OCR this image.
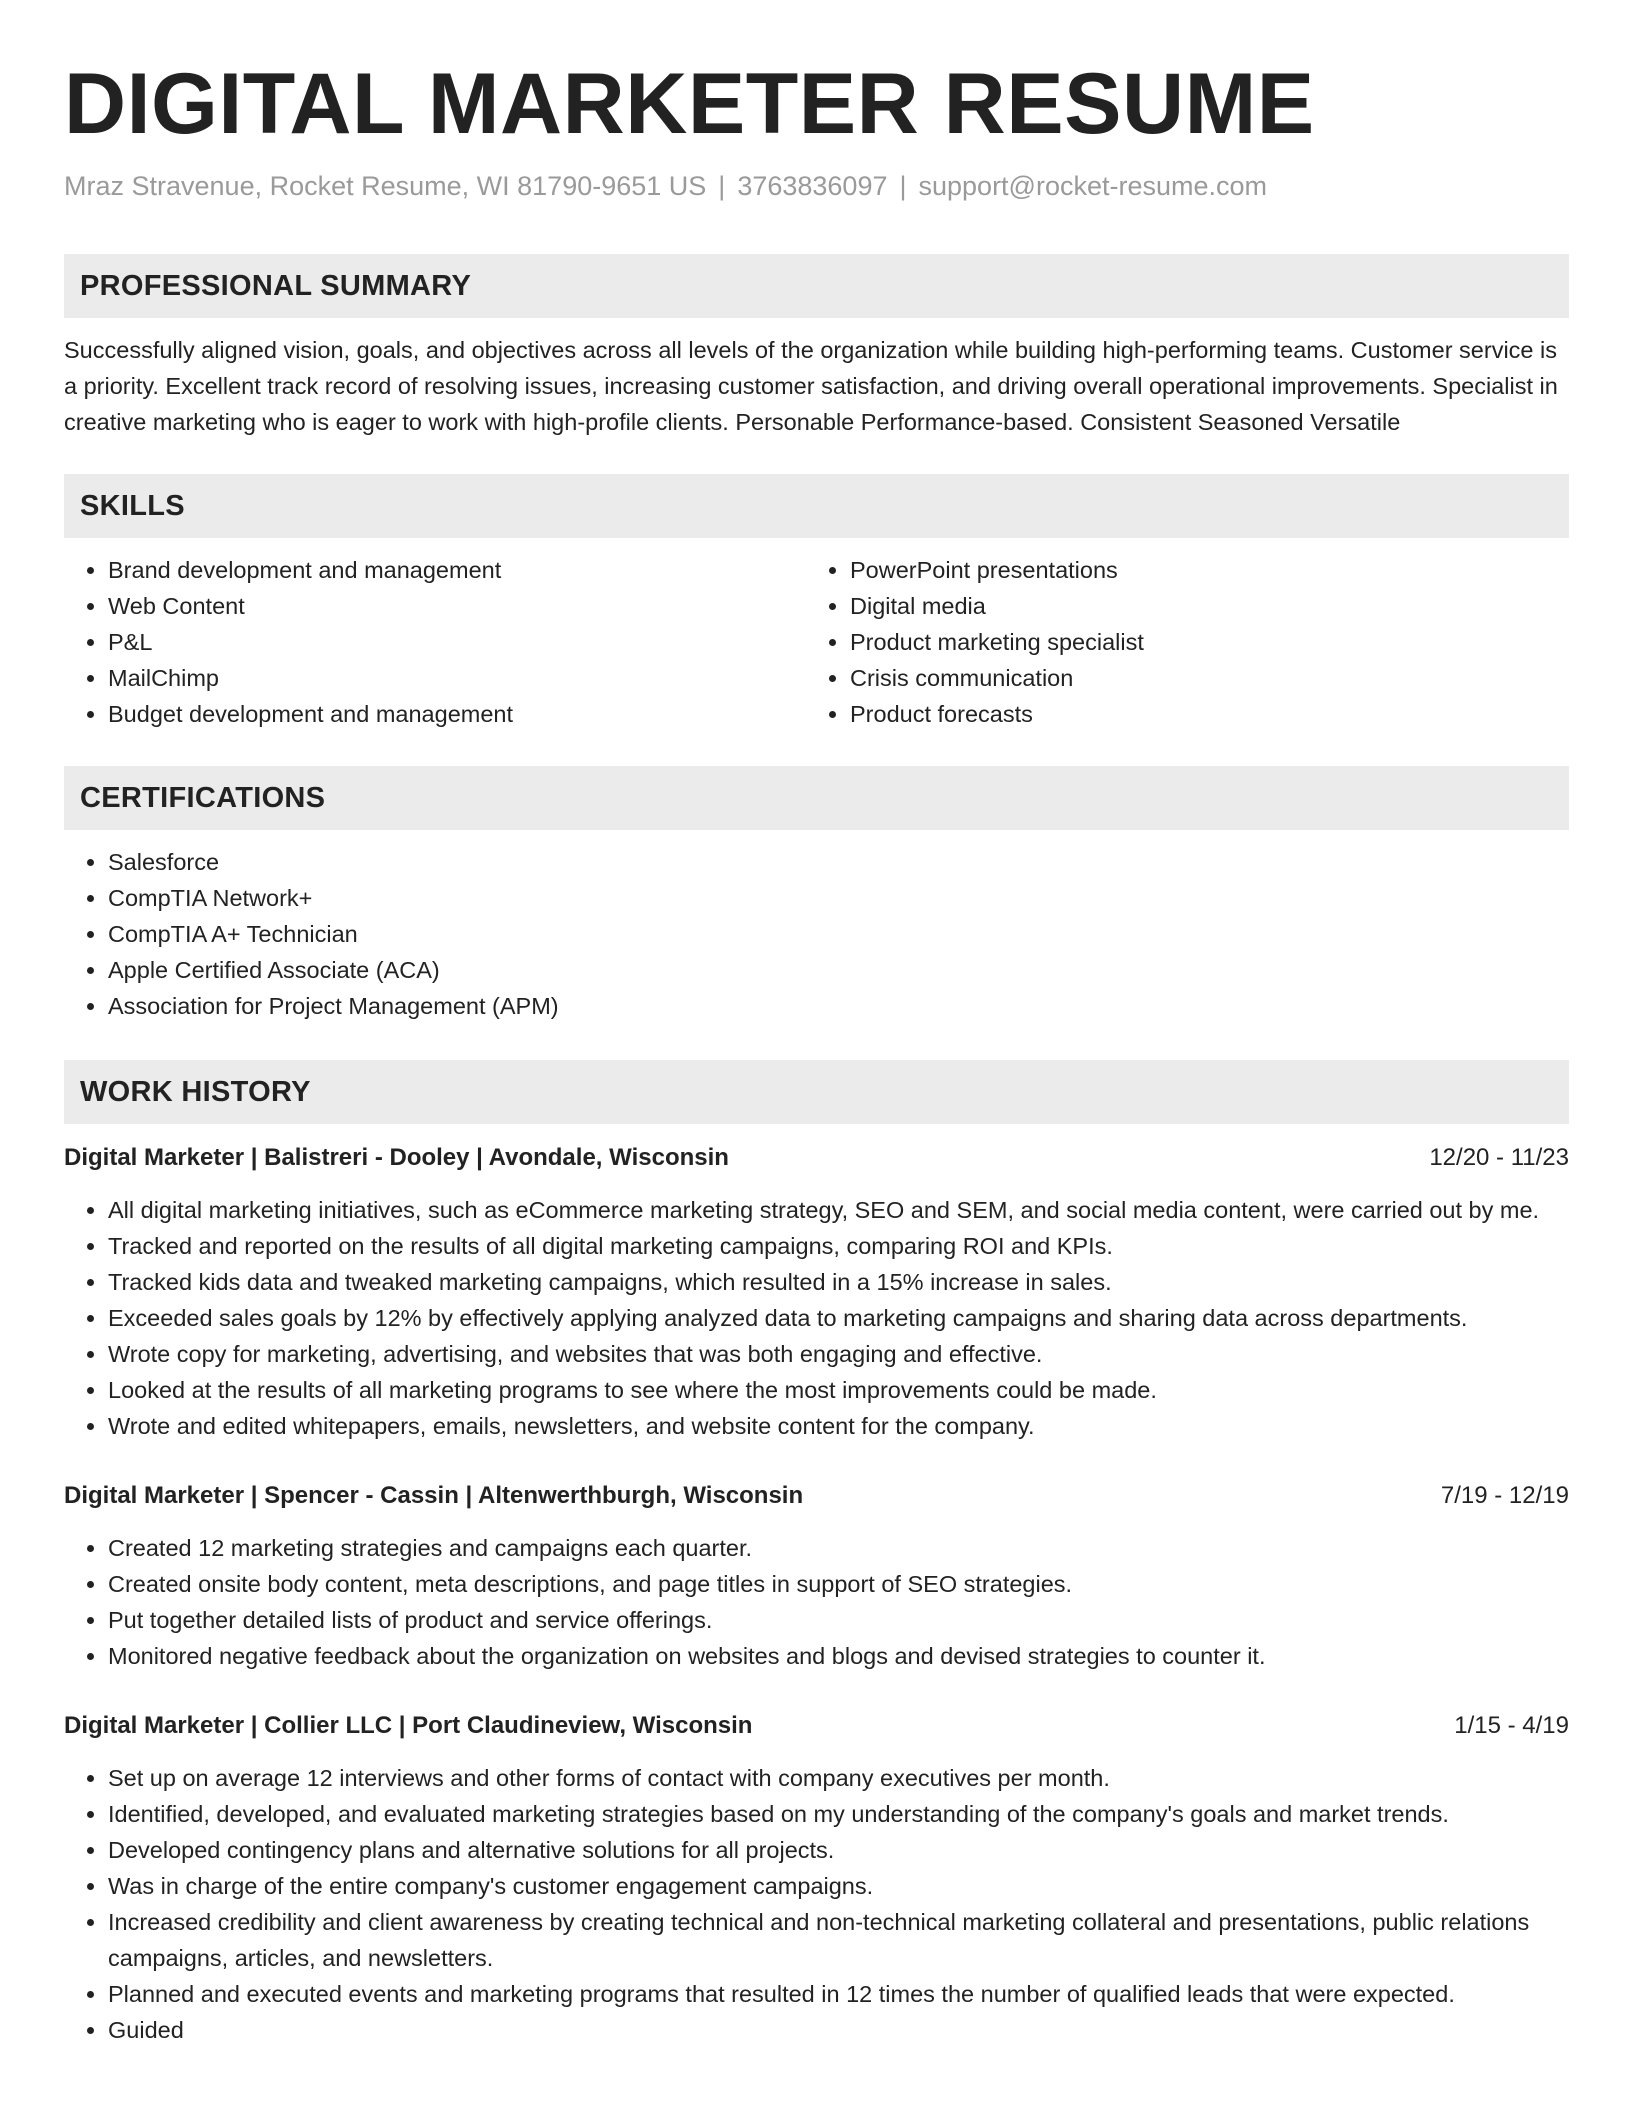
DIGITAL MARKETER RESUME
Mraz Stravenue, Rocket Resume, WI 81790-9651 US | 3763836097 | support@rocket-resume.com
PROFESSIONAL SUMMARY

Successfully aligned vision, goals, and objectives across all levels of the organization while building high-performing teams. Customer service is a priority. Excellent track record of resolving issues, increasing customer satisfaction, and driving overall operational improvements. Specialist in creative marketing who is eager to work with high-profile clients. Personable Performance-based. Consistent Seasoned Versatile

SKILLS
• Brand development and management
• Web Content
• P&L
• MailChimp
• Budget development and management
• PowerPoint presentations
• Digital media
• Product marketing specialist
• Crisis communication
• Product forecasts
CERTIFICATIONS
• Salesforce
• CompTIA Network+
• CompTIA A+ Technician
• Apple Certified Associate (ACA)
• Association for Project Management (APM)
WORK HISTORY
Digital Marketer | Balistreri - Dooley | Avondale, Wisconsin	12/20 - 11/23
• All digital marketing initiatives, such as eCommerce marketing strategy, SEO and SEM, and social media content, were carried out by me.
• Tracked and reported on the results of all digital marketing campaigns, comparing ROI and KPIs.
• Tracked kids data and tweaked marketing campaigns, which resulted in a 15% increase in sales.
• Exceeded sales goals by 12% by effectively applying analyzed data to marketing campaigns and sharing data across departments.
• Wrote copy for marketing, advertising, and websites that was both engaging and effective.
• Looked at the results of all marketing programs to see where the most improvements could be made.
• Wrote and edited whitepapers, emails, newsletters, and website content for the company.
Digital Marketer | Spencer - Cassin | Altenwerthburgh, Wisconsin	7/19 - 12/19
• Created 12 marketing strategies and campaigns each quarter.
• Created onsite body content, meta descriptions, and page titles in support of SEO strategies.
• Put together detailed lists of product and service offerings.
• Monitored negative feedback about the organization on websites and blogs and devised strategies to counter it.
Digital Marketer | Collier LLC | Port Claudineview, Wisconsin	1/15 - 4/19
• Set up on average 12 interviews and other forms of contact with company executives per month.
• Identified, developed, and evaluated marketing strategies based on my understanding of the company's goals and market trends.
• Developed contingency plans and alternative solutions for all projects.
• Was in charge of the entire company's customer engagement campaigns.
• Increased credibility and client awareness by creating technical and non-technical marketing collateral and presentations, public relations campaigns, articles, and newsletters.
• Planned and executed events and marketing programs that resulted in 12 times the number of qualified leads that were expected.
• Guided
